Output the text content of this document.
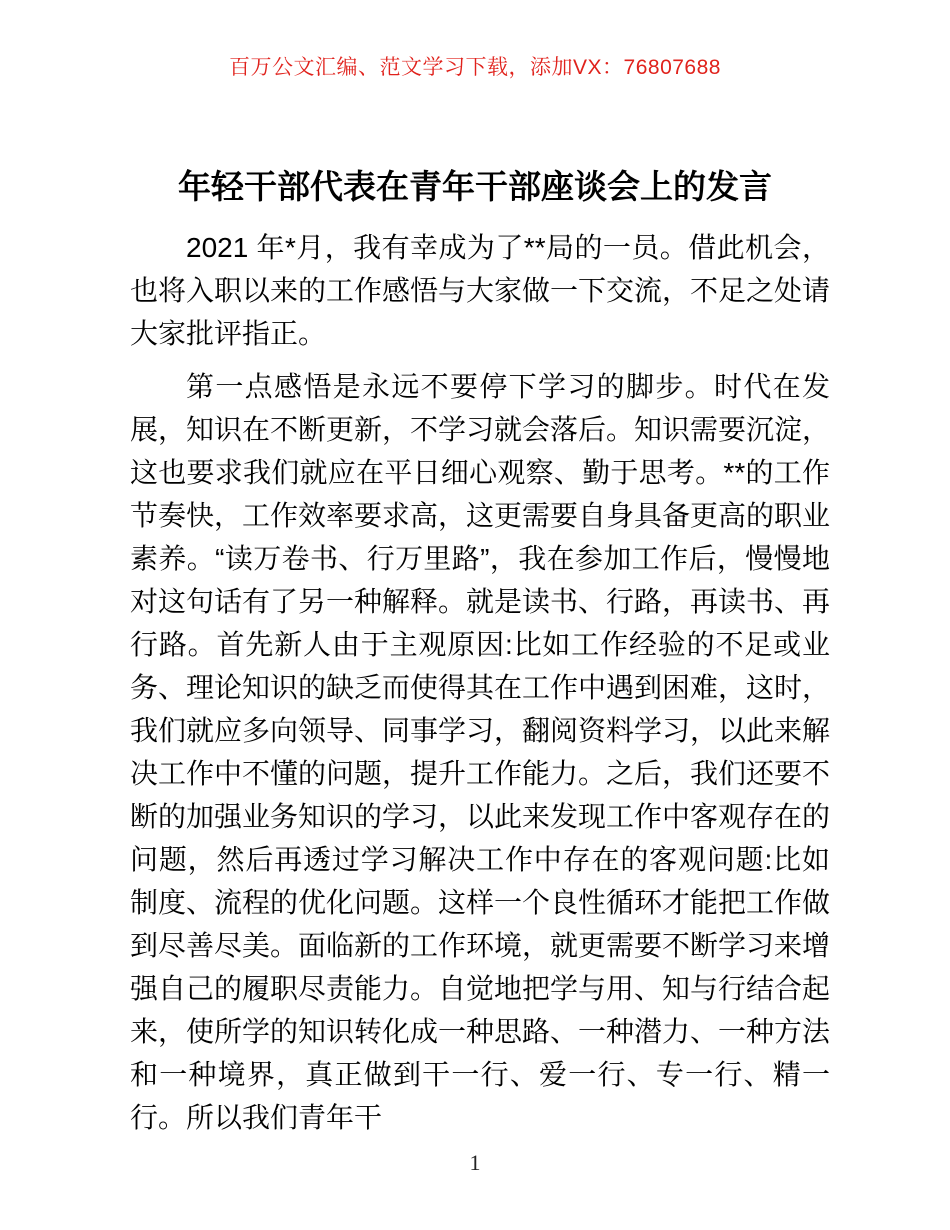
百万公文汇编、范文学习下载，添加VX：76807688
年轻干部代表在青年干部座谈会上的发言

2021 年*月，我有幸成为了**局的一员。借此机会，也将入职以来的工作感悟与大家做一下交流，不足之处请大家批评指正。

第一点感悟是永远不要停下学习的脚步。时代在发展，知识在不断更新，不学习就会落后。知识需要沉淀，这也要求我们就应在平日细心观察、勤于思考。**的工作节奏快，工作效率要求高，这更需要自身具备更高的职业素养。“读万卷书、行万里路”，我在参加工作后，慢慢地对这句话有了另一种解释。就是读书、行路，再读书、再行路。首先新人由于主观原因:比如工作经验的不足或业务、理论知识的缺乏而使得其在工作中遇到困难，这时，我们就应多向领导、同事学习，翻阅资料学习，以此来解决工作中不懂的问题，提升工作能力。之后，我们还要不断的加强业务知识的学习，以此来发现工作中客观存在的问题，然后再透过学习解决工作中存在的客观问题:比如制度、流程的优化问题。这样一个良性循环才能把工作做到尽善尽美。面临新的工作环境，就更需要不断学习来增强自己的履职尽责能力。自觉地把学与用、知与行结合起来，使所学的知识转化成一种思路、一种潜力、一种方法和一种境界，真正做到干一行、爱一行、专一行、精一行。所以我们青年干

1
